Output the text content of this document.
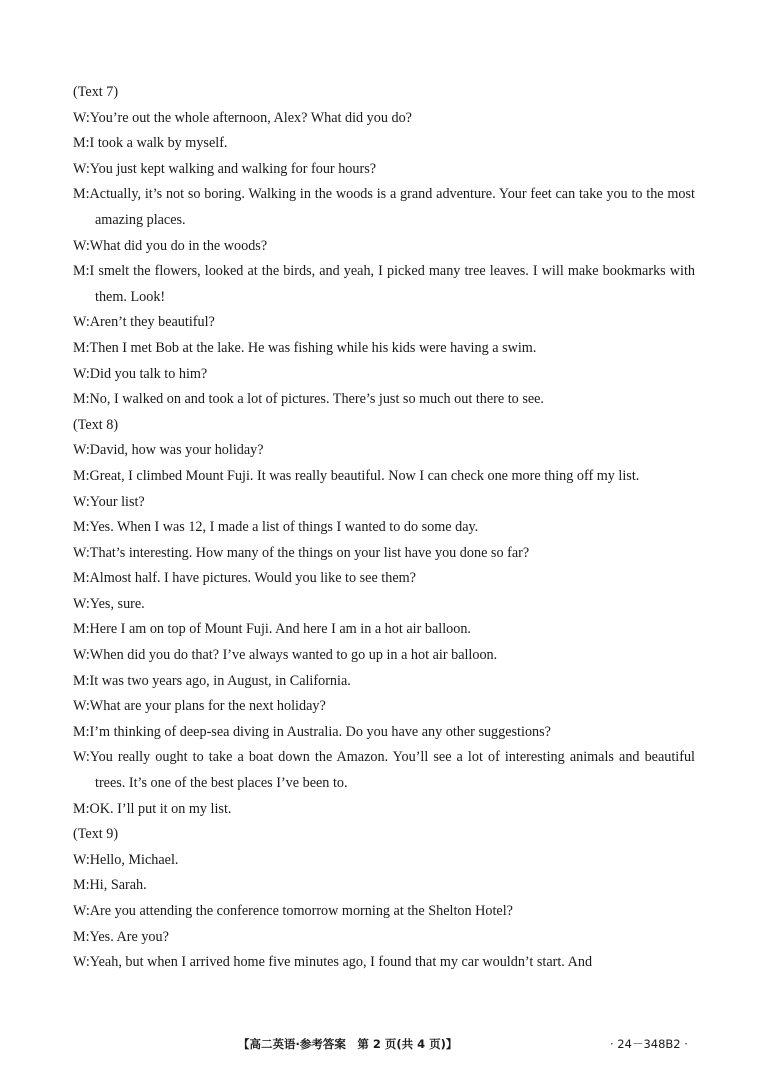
(Text 7)
W:You’re out the whole afternoon, Alex? What did you do?
M:I took a walk by myself.
W:You just kept walking and walking for four hours?
M:Actually, it’s not so boring. Walking in the woods is a grand adventure. Your feet can take you to the most amazing places.
W:What did you do in the woods?
M:I smelt the flowers, looked at the birds, and yeah, I picked many tree leaves. I will make bookmarks with them. Look!
W:Aren’t they beautiful?
M:Then I met Bob at the lake. He was fishing while his kids were having a swim.
W:Did you talk to him?
M:No, I walked on and took a lot of pictures. There’s just so much out there to see.
(Text 8)
W:David, how was your holiday?
M:Great, I climbed Mount Fuji. It was really beautiful. Now I can check one more thing off my list.
W:Your list?
M:Yes. When I was 12, I made a list of things I wanted to do some day.
W:That’s interesting. How many of the things on your list have you done so far?
M:Almost half. I have pictures. Would you like to see them?
W:Yes, sure.
M:Here I am on top of Mount Fuji. And here I am in a hot air balloon.
W:When did you do that? I’ve always wanted to go up in a hot air balloon.
M:It was two years ago, in August, in California.
W:What are your plans for the next holiday?
M:I’m thinking of deep-sea diving in Australia. Do you have any other suggestions?
W:You really ought to take a boat down the Amazon. You’ll see a lot of interesting animals and beautiful trees. It’s one of the best places I’ve been to.
M:OK. I’ll put it on my list.
(Text 9)
W:Hello, Michael.
M:Hi, Sarah.
W:Are you attending the conference tomorrow morning at the Shelton Hotel?
M:Yes. Are you?
W:Yeah, but when I arrived home five minutes ago, I found that my car wouldn’t start. And
【高二英语·参考答案　第 2 页(共 4 页)】	· 24－348B2 ·
